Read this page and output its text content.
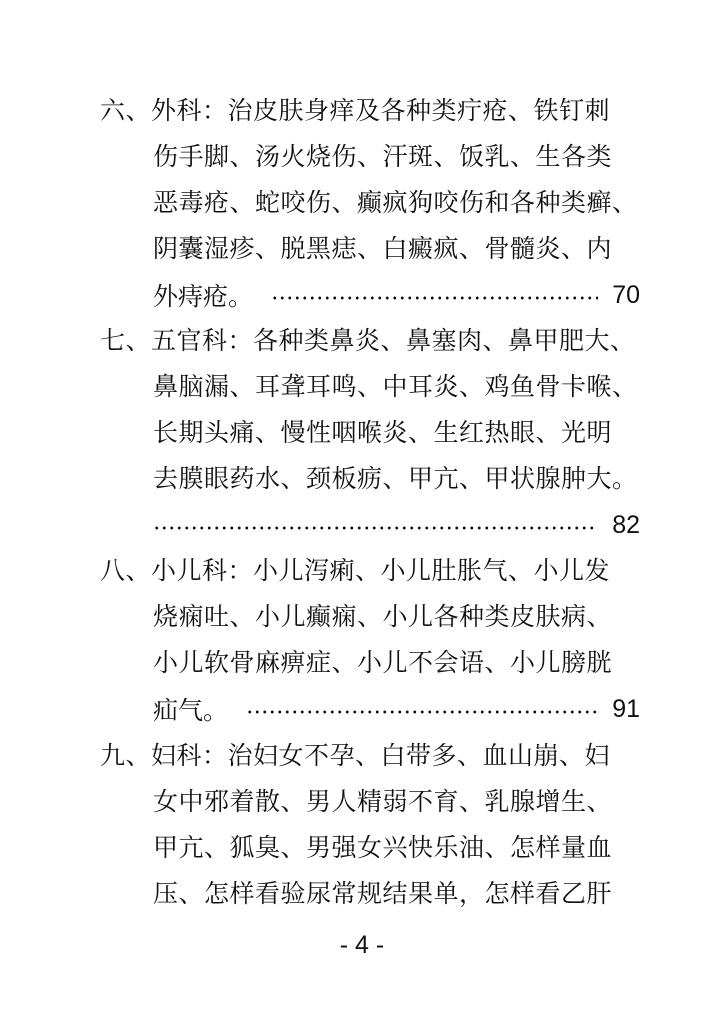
六、外科：治皮肤身痒及各种类疔疮、铁钉刺
伤手脚、汤火烧伤、汗斑、饭乳、生各类
恶毒疮、蛇咬伤、癫疯狗咬伤和各种类癣、
阴囊湿疹、脱黑痣、白癜疯、骨髓炎、内
外痔疮。	70
七、五官科：各种类鼻炎、鼻塞肉、鼻甲肥大、
鼻脑漏、耳聋耳鸣、中耳炎、鸡鱼骨卡喉、
长期头痛、慢性咽喉炎、生红热眼、光明
去膜眼药水、颈板疬、甲亢、甲状腺肿大。
82
八、小儿科：小儿泻痢、小儿肚胀气、小儿发
烧痫吐、小儿癫痫、小儿各种类皮肤病、
小儿软骨麻痹症、小儿不会语、小儿膀胱
疝气。	91
九、妇科：治妇女不孕、白带多、血山崩、妇
女中邪着散、男人精弱不育、乳腺增生、
甲亢、狐臭、男强女兴快乐油、怎样量血
压、怎样看验尿常规结果单，怎样看乙肝
- 4 -
